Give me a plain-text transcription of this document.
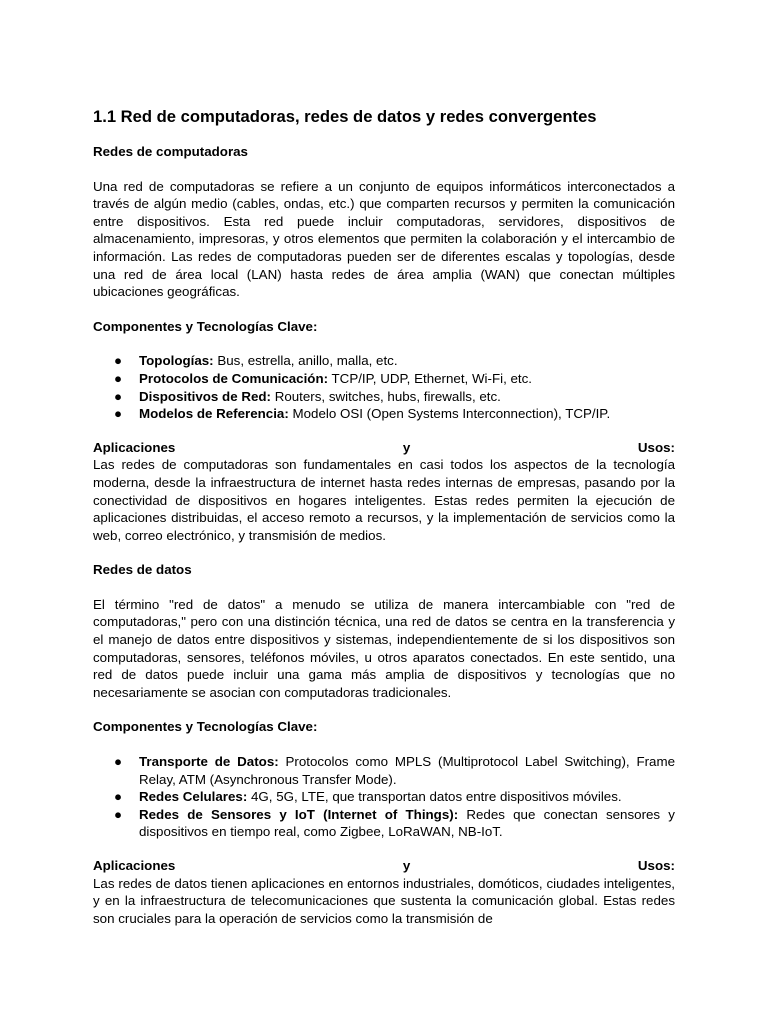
1.1 Red de computadoras, redes de datos y redes convergentes
Redes de computadoras
Una red de computadoras se refiere a un conjunto de equipos informáticos interconectados a través de algún medio (cables, ondas, etc.) que comparten recursos y permiten la comunicación entre dispositivos. Esta red puede incluir computadoras, servidores, dispositivos de almacenamiento, impresoras, y otros elementos que permiten la colaboración y el intercambio de información. Las redes de computadoras pueden ser de diferentes escalas y topologías, desde una red de área local (LAN) hasta redes de área amplia (WAN) que conectan múltiples ubicaciones geográficas.
Componentes y Tecnologías Clave:
● Topologías: Bus, estrella, anillo, malla, etc.
● Protocolos de Comunicación: TCP/IP, UDP, Ethernet, Wi-Fi, etc.
● Dispositivos de Red: Routers, switches, hubs, firewalls, etc.
● Modelos de Referencia: Modelo OSI (Open Systems Interconnection), TCP/IP.
Aplicaciones	y	Usos:
Las redes de computadoras son fundamentales en casi todos los aspectos de la tecnología moderna, desde la infraestructura de internet hasta redes internas de empresas, pasando por la conectividad de dispositivos en hogares inteligentes. Estas redes permiten la ejecución de aplicaciones distribuidas, el acceso remoto a recursos, y la implementación de servicios como la web, correo electrónico, y transmisión de medios.
Redes de datos
El término "red de datos" a menudo se utiliza de manera intercambiable con "red de computadoras," pero con una distinción técnica, una red de datos se centra en la transferencia y el manejo de datos entre dispositivos y sistemas, independientemente de si los dispositivos son computadoras, sensores, teléfonos móviles, u otros aparatos conectados. En este sentido, una red de datos puede incluir una gama más amplia de dispositivos y tecnologías que no necesariamente se asocian con computadoras tradicionales.
Componentes y Tecnologías Clave:
● Transporte de Datos: Protocolos como MPLS (Multiprotocol Label Switching), Frame Relay, ATM (Asynchronous Transfer Mode).
● Redes Celulares: 4G, 5G, LTE, que transportan datos entre dispositivos móviles.
● Redes de Sensores y IoT (Internet of Things): Redes que conectan sensores y dispositivos en tiempo real, como Zigbee, LoRaWAN, NB-IoT.
Aplicaciones	y	Usos:
Las redes de datos tienen aplicaciones en entornos industriales, domóticos, ciudades inteligentes, y en la infraestructura de telecomunicaciones que sustenta la comunicación global. Estas redes son cruciales para la operación de servicios como la transmisión de
